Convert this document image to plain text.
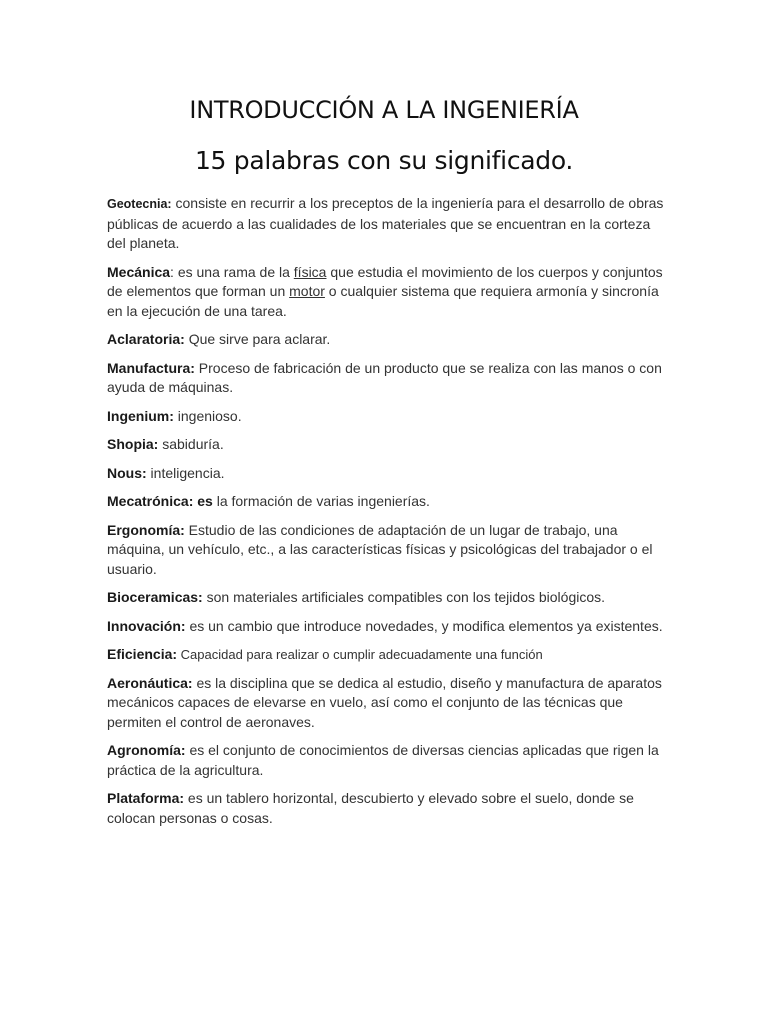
INTRODUCCIÓN A LA INGENIERÍA
15 palabras con su significado.

Geotecnia: consiste en recurrir a los preceptos de la ingeniería para el desarrollo de obras públicas de acuerdo a las cualidades de los materiales que se encuentran en la corteza del planeta.

Mecánica: es una rama de la física que estudia el movimiento de los cuerpos y conjuntos de elementos que forman un motor o cualquier sistema que requiera armonía y sincronía en la ejecución de una tarea.

Aclaratoria: Que sirve para aclarar.

Manufactura: Proceso de fabricación de un producto que se realiza con las manos o con ayuda de máquinas.

Ingenium: ingenioso.

Shopia: sabiduría.

Nous: inteligencia.

Mecatrónica: es la formación de varias ingenierías.

Ergonomía: Estudio de las condiciones de adaptación de un lugar de trabajo, una máquina, un vehículo, etc., a las características físicas y psicológicas del trabajador o el usuario.

Bioceramicas: son materiales artificiales compatibles con los tejidos biológicos.

Innovación: es un cambio que introduce novedades, y modifica elementos ya existentes.

Eficiencia: Capacidad para realizar o cumplir adecuadamente una función

Aeronáutica: es la disciplina que se dedica al estudio, diseño y manufactura de aparatos mecánicos capaces de elevarse en vuelo, así como el conjunto de las técnicas que permiten el control de aeronaves.

Agronomía: es el conjunto de conocimientos de diversas ciencias aplicadas que rigen la práctica de la agricultura.

Plataforma: es un tablero horizontal, descubierto y elevado sobre el suelo, donde se colocan personas o cosas.
